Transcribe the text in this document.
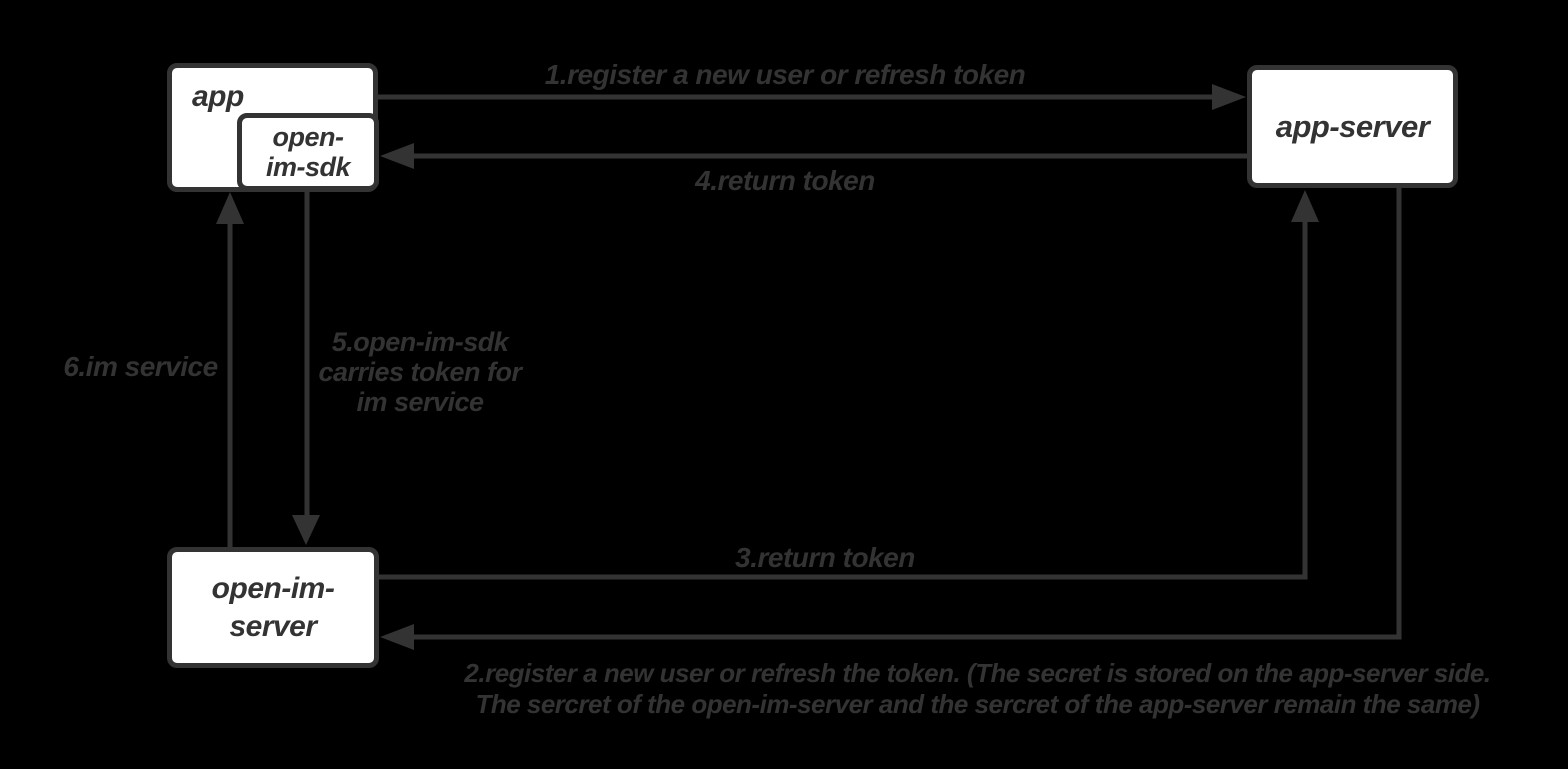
app
open-
im-sdk
app-server
open-im-
server
1.register a new user or refresh token
4.return token
5.open-im-sdk
carries token for
im service
6.im service
3.return token
2.register a new user or refresh the token. (The secret is stored on the app-server side.
The sercret of the open-im-server and the sercret of the app-server remain the same)
